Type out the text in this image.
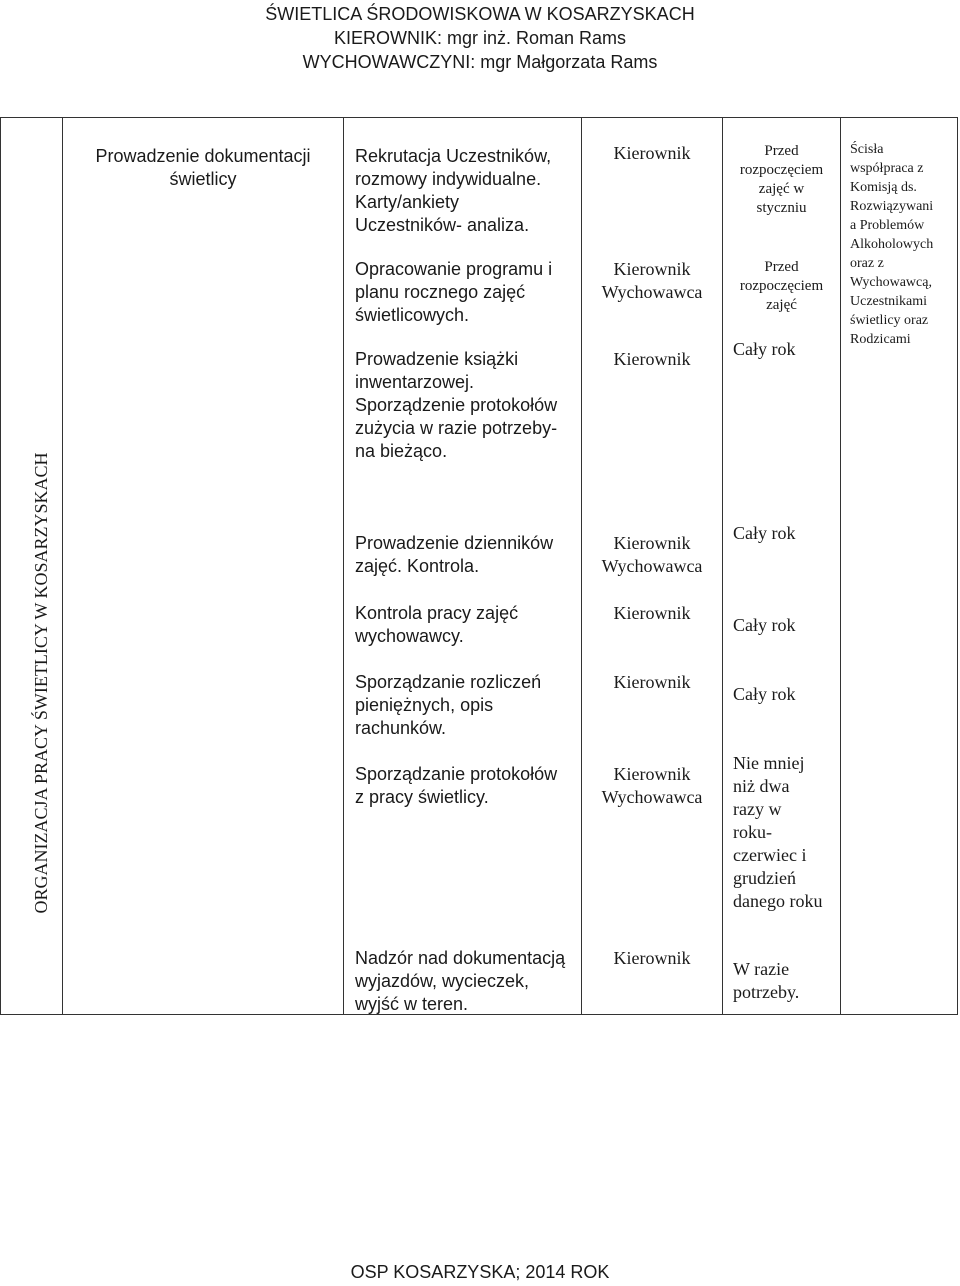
ŚWIETLICA ŚRODOWISKOWA W KOSARZYSKACH
KIEROWNIK: mgr inż. Roman Rams
WYCHOWAWCZYNI: mgr Małgorzata Rams
ORGANIZACJA PRACY ŚWIETLICY W KOSARZYSKACH
Prowadzenie dokumentacji
świetlicy
Rekrutacja Uczestników,
rozmowy indywidualne.
Karty/ankiety
Uczestników- analiza.
Opracowanie programu i
planu rocznego zajęć
świetlicowych.
Prowadzenie książki
inwentarzowej.
Sporządzenie protokołów
zużycia w razie potrzeby-
na bieżąco.
Prowadzenie dzienników
zajęć. Kontrola.
Kontrola pracy zajęć
wychowawcy.
Sporządzanie rozliczeń
pieniężnych, opis
rachunków.
Sporządzanie protokołów
z pracy świetlicy.
Nadzór nad dokumentacją
wyjazdów, wycieczek,
wyjść w teren.
Kierownik
Kierownik
Wychowawca
Kierownik
Kierownik
Wychowawca
Kierownik
Kierownik
Kierownik
Wychowawca
Kierownik
Przed
rozpoczęciem
zajęć w
styczniu
Przed
rozpoczęciem
zajęć
Cały rok
Cały rok
Cały rok
Cały rok
Nie mniej
niż dwa
razy w
roku-
czerwiec i
grudzień
danego roku
W razie
potrzeby.
Ścisła
współpraca z
Komisją ds.
Rozwiązywani
a Problemów
Alkoholowych
oraz z
Wychowawcą,
Uczestnikami
świetlicy oraz
Rodzicami
OSP KOSARZYSKA; 2014 ROK
